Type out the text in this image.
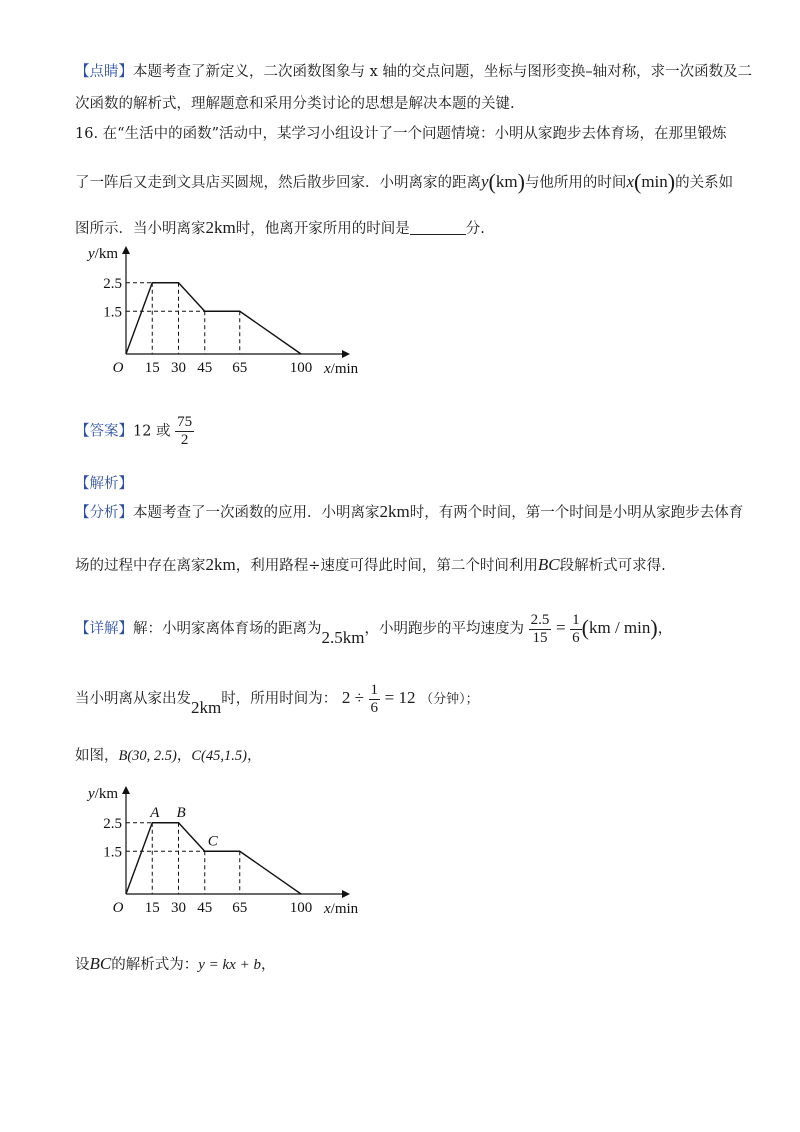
【点睛】本题考查了新定义，二次函数图象与 x 轴的交点问题，坐标与图形变换–轴对称，求一次函数及二
次函数的解析式，理解题意和采用分类讨论的思想是解决本题的关键.
16. 在“生活中的函数”活动中，某学习小组设计了一个问题情境：小明从家跑步去体育场，在那里锻炼
了一阵后又走到文具店买圆规，然后散步回家．小明离家的距离y(km)与他所用的时间x(min)的关系如
图所示．当小明离家2km时，他离开家所用的时间是	分.
15 30 45 65	100
1.5
2.5
O
y/km
x/min
【答案】12 或 $\frac{75}{2}$
【解析】
【分析】本题考查了一次函数的应用．小明离家2km时，有两个时间，第一个时间是小明从家跑步去体育
场的过程中存在离家2km，利用路程÷速度可得此时间，第二个时间利用BC段解析式可求得.
【详解】解：小明家离体育场的距离为2.5km，小明跑步的平均速度为 $\frac{2.5}{15} = \frac{1}{6} (km / \min)$，
当小明离从家出发2km时，所用时间为： $2 \div \frac{1}{6} = 12$ （分钟）；
如图，B(30, 2.5)，C(45,1.5)，
15 30 45 65	100
1.5
2.5
O
y/km
x/min
A B
C
设BC的解析式为：y = kx + b，
